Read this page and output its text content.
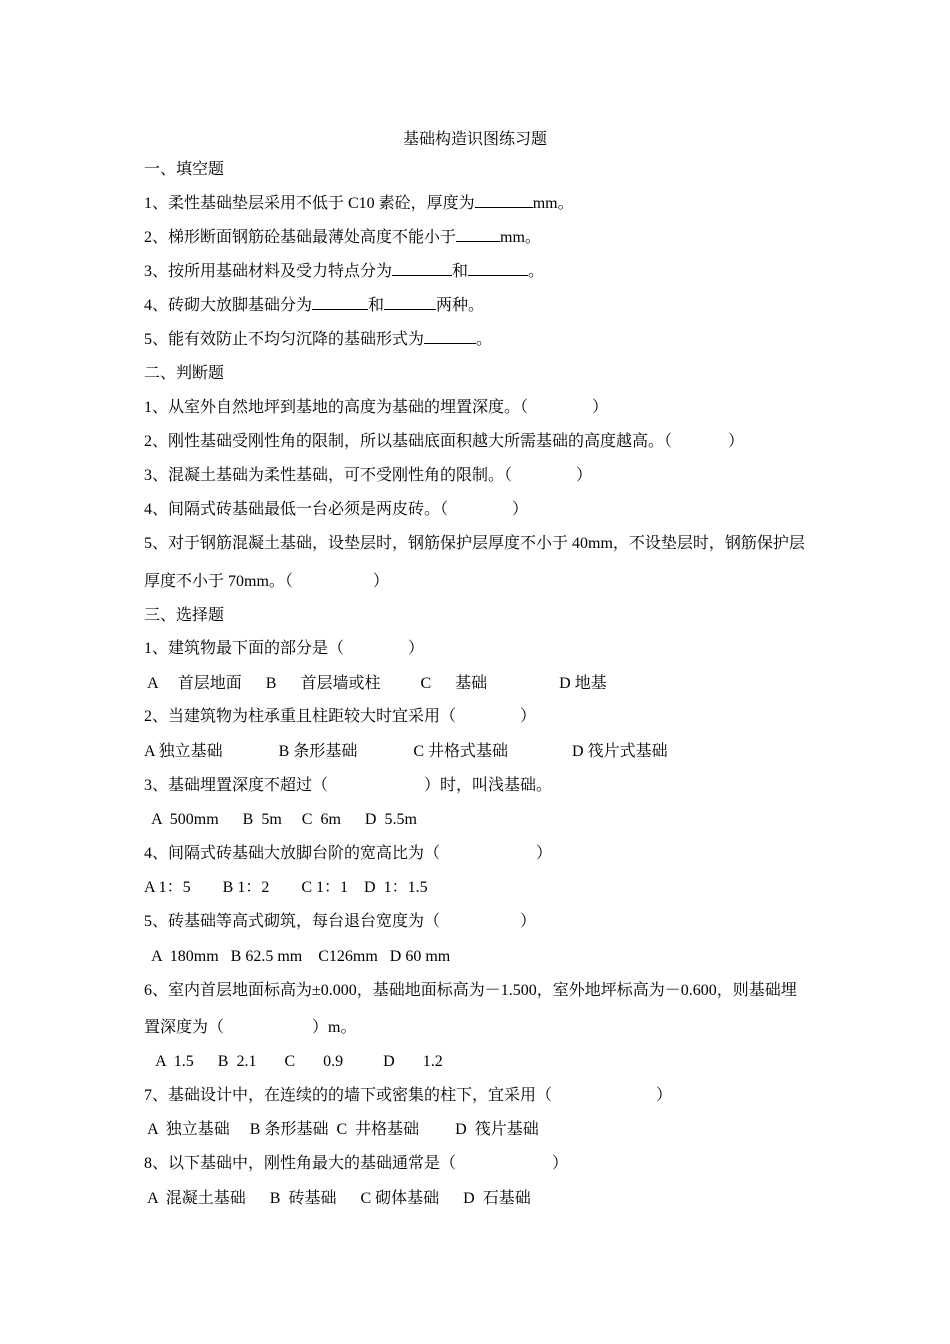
基础构造识图练习题
一、填空题
1、柔性基础垫层采用不低于 C10 素砼，厚度为	mm。
2、梯形断面钢筋砼基础最薄处高度不能小于	mm。
3、按所用基础材料及受力特点分为	和	。
4、砖砌大放脚基础分为	和	两种。
5、能有效防止不均匀沉降的基础形式为	。
二、判断题
1、从室外自然地坪到基地的高度为基础的埋置深度。（                ）
2、刚性基础受刚性角的限制，所以基础底面积越大所需基础的高度越高。（              ）
3、混凝土基础为柔性基础，可不受刚性角的限制。（                ）
4、间隔式砖基础最低一台必须是两皮砖。（                ）
5、对于钢筋混凝土基础，设垫层时，钢筋保护层厚度不小于 40mm，不设垫层时，钢筋保护层
厚度不小于 70mm。（                    ）
三、选择题
1、建筑物最下面的部分是（                ）
A     首层地面      B      首层墙或柱          C      基础                  D 地基
2、当建筑物为柱承重且柱距较大时宜采用（                ）
A 独立基础              B 条形基础              C 井格式基础                D 筏片式基础
3、基础埋置深度不超过（                        ）时，叫浅基础。
A  500mm      B  5m     C  6m      D  5.5m
4、间隔式砖基础大放脚台阶的宽高比为（                        ）
A 1：5        B 1：2        C 1：1    D  1：1.5
5、砖基础等高式砌筑，每台退台宽度为（                    ）
A  180mm   B 62.5 mm    C126mm   D 60 mm
6、室内首层地面标高为±0.000，基础地面标高为－1.500，室外地坪标高为－0.600，则基础埋
置深度为（                      ）m。
A  1.5      B  2.1       C       0.9          D       1.2
7、基础设计中，在连续的的墙下或密集的柱下，宜采用（                          ）
A  独立基础     B 条形基础  C  井格基础         D  筏片基础
8、以下基础中，刚性角最大的基础通常是（                        ）
A  混凝土基础      B  砖基础      C 砌体基础      D  石基础
